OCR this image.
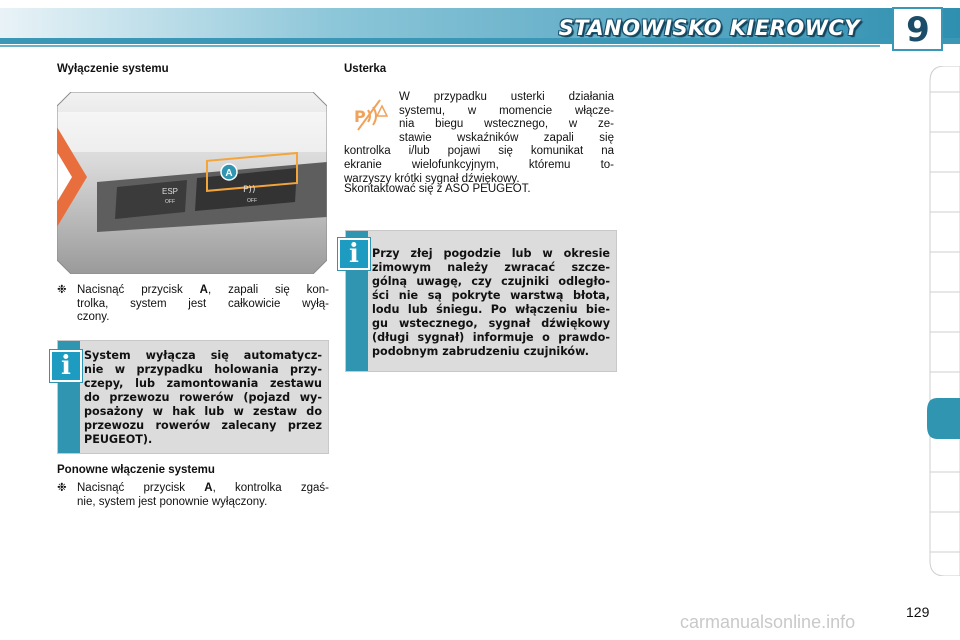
STANOWISKO KIEROWCY 9
Wyłączenie systemu
A
ESP
OFF	OFF
P))
❉ Nacisnąć przycisk A, zapali się kon-
trolka, system jest całkowicie wyłą-
czony.
System wyłącza się automatycz-
nie w przypadku holowania przy-
czepy, lub zamontowania zestawu
do przewozu rowerów (pojazd wy-
posażony w hak lub w zestaw do
przewozu rowerów zalecany przez
PEUGEOT).
i
Ponowne włączenie systemu
❉ Nacisnąć przycisk A, kontrolka zgaś-
nie, system jest ponownie wyłączony.
Usterka
P
W przypadku usterki działania
systemu, w momencie włącze-
nia biegu wstecznego, w ze-
stawie wskaźników zapali się
kontrolka i/lub pojawi się komunikat na
ekranie wielofunkcyjnym, któremu to-
warzyszy krótki sygnał dźwiękowy.
Skontaktować się z ASO PEUGEOT.
Przy złej pogodzie lub w okresie
zimowym należy zwracać szcze-
gólną uwagę, czy czujniki odległo-
ści nie są pokryte warstwą błota,
lodu lub śniegu. Po włączeniu bie-
gu wstecznego, sygnał dźwiękowy
(długi sygnał) informuje o prawdo-
podobnym zabrudzeniu czujników.
i
129
carmanualsonline.info
